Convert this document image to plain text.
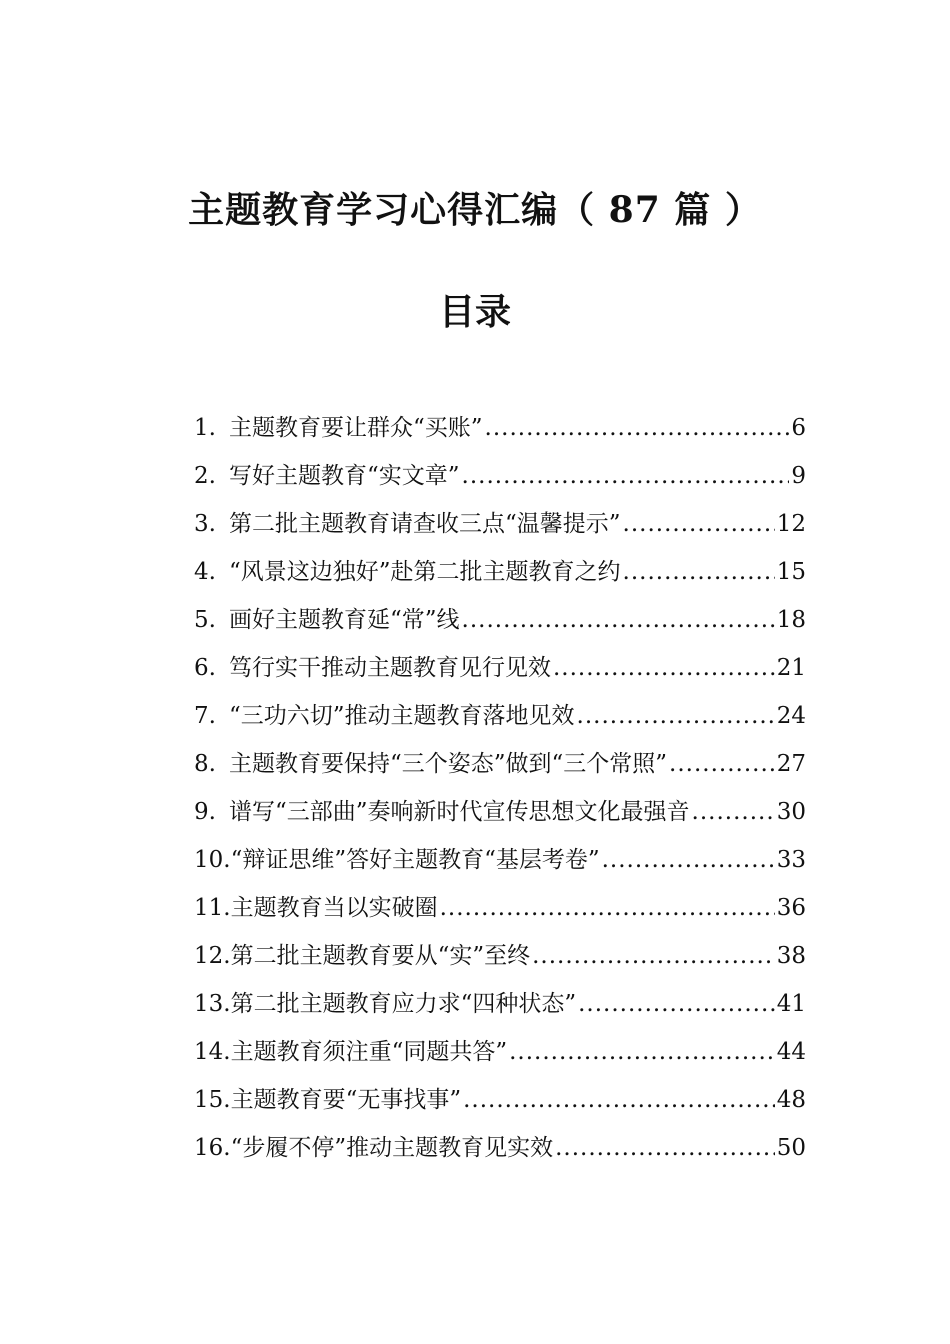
主题教育学习心得汇编（ 87 篇 ）
目录
1. 主题教育要让群众“买账” .....	6
2. 写好主题教育“实文章” .....	9
3. 第二批主题教育请查收三点“温馨提示” .....	12
4. “风景这边独好”赴第二批主题教育之约 .....	15
5. 画好主题教育延“常”线 .....	18
6. 笃行实干推动主题教育见行见效 .....	21
7. “三功六切”推动主题教育落地见效 .....	24
8. 主题教育要保持“三个姿态”做到“三个常照” .....	27
9. 谱写“三部曲”奏响新时代宣传思想文化最强音 .....	30
10. “辩证思维”答好主题教育“基层考卷” .....	33
11. 主题教育当以实破圈 .....	36
12. 第二批主题教育要从“实”至终 .....	38
13. 第二批主题教育应力求“四种状态” .....	41
14. 主题教育须注重“同题共答” .....	44
15. 主题教育要“无事找事” .....	48
16. “步履不停”推动主题教育见实效 .....	50
